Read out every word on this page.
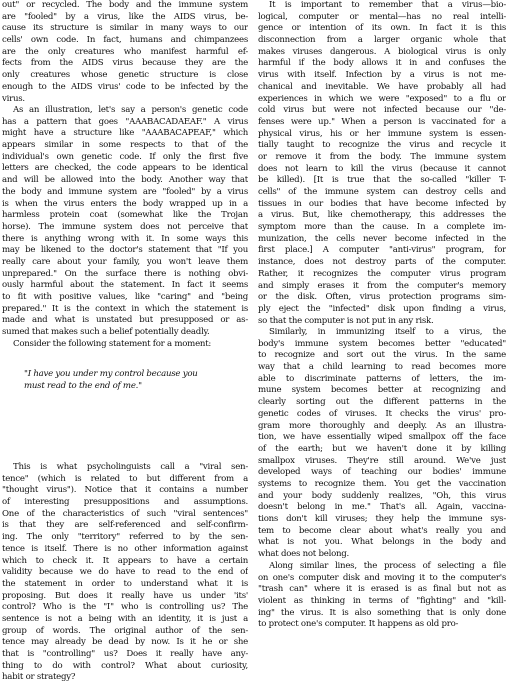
out" or recycled. The body and the immune system
are "fooled" by a virus, like the AIDS virus, be-
cause its structure is similar in many ways to our
cells' own code. In fact, humans and chimpanzees
are the only creatures who manifest harmful ef-
fects from the AIDS virus because they are the
only creatures whose genetic structure is close
enough to the AIDS virus' code to be infected by the
virus.
As an illustration, let's say a person's genetic code
has a pattern that goes "AAABACADAEAF." A virus
might have a structure like "AAABACAPEAF," which
appears similar in some respects to that of the
individual's own genetic code. If only the first five
letters are checked, the code appears to be identical
and will be allowed into the body. Another way that
the body and immune system are "fooled" by a virus
is when the virus enters the body wrapped up in a
harmless protein coat (somewhat like the Trojan
horse). The immune system does not perceive that
there is anything wrong with it. In some ways this
may be likened to the doctor's statement that "If you
really care about your family, you won't leave them
unprepared." On the surface there is nothing obvi-
ously harmful about the statement. In fact it seems
to fit with positive values, like "caring" and "being
prepared." It is the context in which the statement is
made and what is unstated but presupposed or as-
sumed that makes such a belief potentially deadly.
Consider the following statement for a moment:
"I have you under my control because you
must read to the end of me."
This is what psycholinguists call a "viral sen-
tence" (which is related to but different from a
"thought virus"). Notice that it contains a number
of interesting presuppositions and assumptions.
One of the characteristics of such "viral sentences"
is that they are self-referenced and self-confirm-
ing. The only "territory" referred to by the sen-
tence is itself. There is no other information against
which to check it. It appears to have a certain
validity because we do have to read to the end of
the statement in order to understand what it is
proposing. But does it really have us under 'its'
control? Who is the "I" who is controlling us? The
sentence is not a being with an identity, it is just a
group of words. The original author of the sen-
tence may already be dead by now. Is it he or she
that is "controlling" us? Does it really have any-
thing to do with control? What about curiosity,
habit or strategy?
It is important to remember that a virus—bio-
logical, computer or mental—has no real intelli-
gence or intention of its own. In fact it is this
disconnection from a larger organic whole that
makes viruses dangerous. A biological virus is only
harmful if the body allows it in and confuses the
virus with itself. Infection by a virus is not me-
chanical and inevitable. We have probably all had
experiences in which we were "exposed" to a flu or
cold virus but were not infected because our "de-
fenses were up." When a person is vaccinated for a
physical virus, his or her immune system is essen-
tially taught to recognize the virus and recycle it
or remove it from the body. The immune system
does not learn to kill the virus (because it cannot
be killed). [It is true that the so-called "killer T-
cells" of the immune system can destroy cells and
tissues in our bodies that have become infected by
a virus. But, like chemotherapy, this addresses the
symptom more than the cause. In a complete im-
munization, the cells never become infected in the
first place.] A computer "anti-virus" program, for
instance, does not destroy parts of the computer.
Rather, it recognizes the computer virus program
and simply erases it from the computer's memory
or the disk. Often, virus protection programs sim-
ply eject the "infected" disk upon finding a virus,
so that the computer is not put in any risk.
Similarly, in immunizing itself to a virus, the
body's immune system becomes better "educated"
to recognize and sort out the virus. In the same
way that a child learning to read becomes more
able to discriminate patterns of letters, the im-
mune system becomes better at recognizing and
clearly sorting out the different patterns in the
genetic codes of viruses. It checks the virus' pro-
gram more thoroughly and deeply. As an illustra-
tion, we have essentially wiped smallpox off the face
of the earth; but we haven't done it by killing
smallpox viruses. They're still around. We've just
developed ways of teaching our bodies' immune
systems to recognize them. You get the vaccination
and your body suddenly realizes, "Oh, this virus
doesn't belong in me." That's all. Again, vaccina-
tions don't kill viruses; they help the immune sys-
tem to become clear about what's really you and
what is not you. What belongs in the body and
what does not belong.
Along similar lines, the process of selecting a file
on one's computer disk and moving it to the computer's
"trash can" where it is erased is as final but not as
violent as thinking in terms of "fighting" and "kill-
ing" the virus. It is also something that is only done
to protect one's computer. It happens as old pro-
